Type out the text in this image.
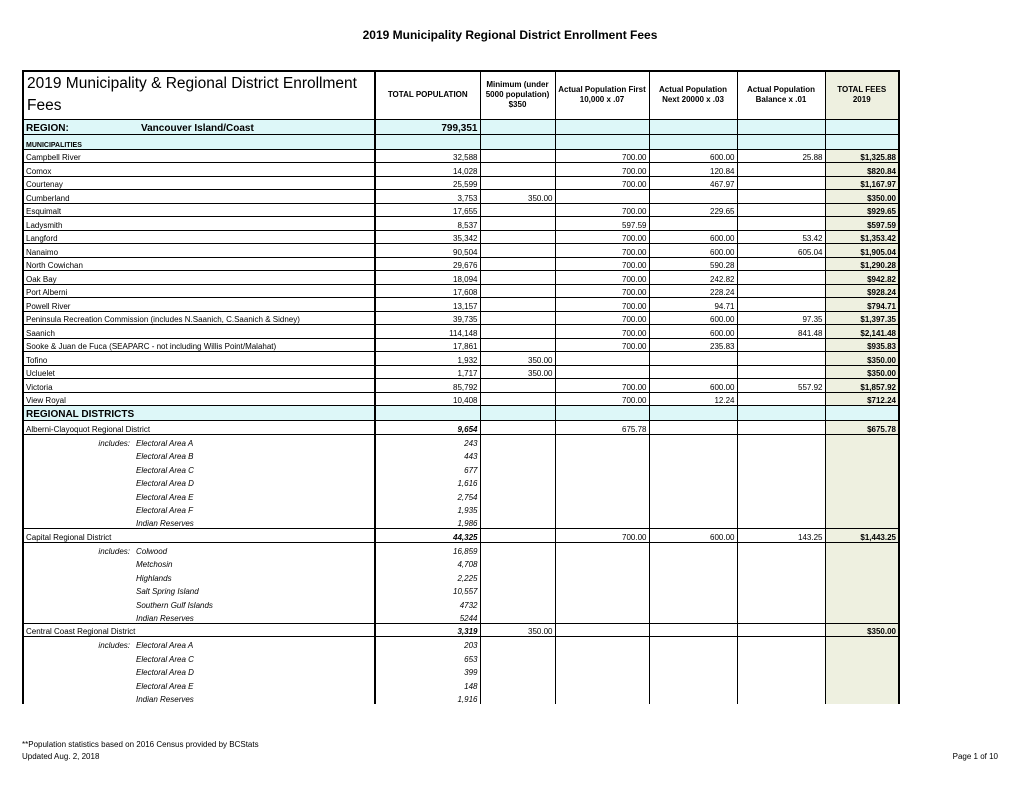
2019 Municipality Regional District Enrollment Fees
2019 Municipality & Regional District Enrollment Fees	TOTAL POPULATION	Minimum (under 5000 population) $350	Actual Population First 10,000 x .07	Actual Population Next 20000 x .03	Actual Population Balance x .01	TOTAL FEES 2019
REGION: Vancouver Island/Coast	799,351					
MUNICIPALITIES						
Campbell River	32,588		700.00	600.00	25.88	$1,325.88
Comox	14,028		700.00	120.84		$820.84
Courtenay	25,599		700.00	467.97		$1,167.97
Cumberland	3,753	350.00				$350.00
Esquimalt	17,655		700.00	229.65		$929.65
Ladysmith	8,537		597.59			$597.59
Langford	35,342		700.00	600.00	53.42	$1,353.42
Nanaimo	90,504		700.00	600.00	605.04	$1,905.04
North Cowichan	29,676		700.00	590.28		$1,290.28
Oak Bay	18,094		700.00	242.82		$942.82
Port Alberni	17,608		700.00	228.24		$928.24
Powell River	13,157		700.00	94.71		$794.71
Peninsula Recreation Commission (includes N.Saanich, C.Saanich & Sidney)	39,735		700.00	600.00	97.35	$1,397.35
Saanich	114,148		700.00	600.00	841.48	$2,141.48
Sooke & Juan de Fuca (SEAPARC - not including Willis Point/Malahat)	17,861		700.00	235.83		$935.83
Tofino	1,932	350.00				$350.00
Ucluelet	1,717	350.00				$350.00
Victoria	85,792		700.00	600.00	557.92	$1,857.92
View Royal	10,408		700.00	12.24		$712.24
REGIONAL DISTRICTS						
Alberni-Clayoquot Regional District	9,654		675.78			$675.78
includes: Electoral Area A	243					
Electoral Area B	443					
Electoral Area C	677					
Electoral Area D	1,616					
Electoral Area E	2,754					
Electoral Area F	1,935					
Indian Reserves	1,986					
Capital Regional District	44,325		700.00	600.00	143.25	$1,443.25
includes: Colwood	16,859					
Metchosin	4,708					
Highlands	2,225					
Salt Spring Island	10,557					
Southern Gulf Islands	4732					
Indian Reserves	5244					
Central Coast Regional District	3,319	350.00				$350.00
includes: Electoral Area A	203					
Electoral Area C	653					
Electoral Area D	399					
Electoral Area E	148					
Indian Reserves	1,916					
**Population statistics based on 2016 Census provided by BCStats
Updated Aug. 2, 2018	Page 1 of 10
